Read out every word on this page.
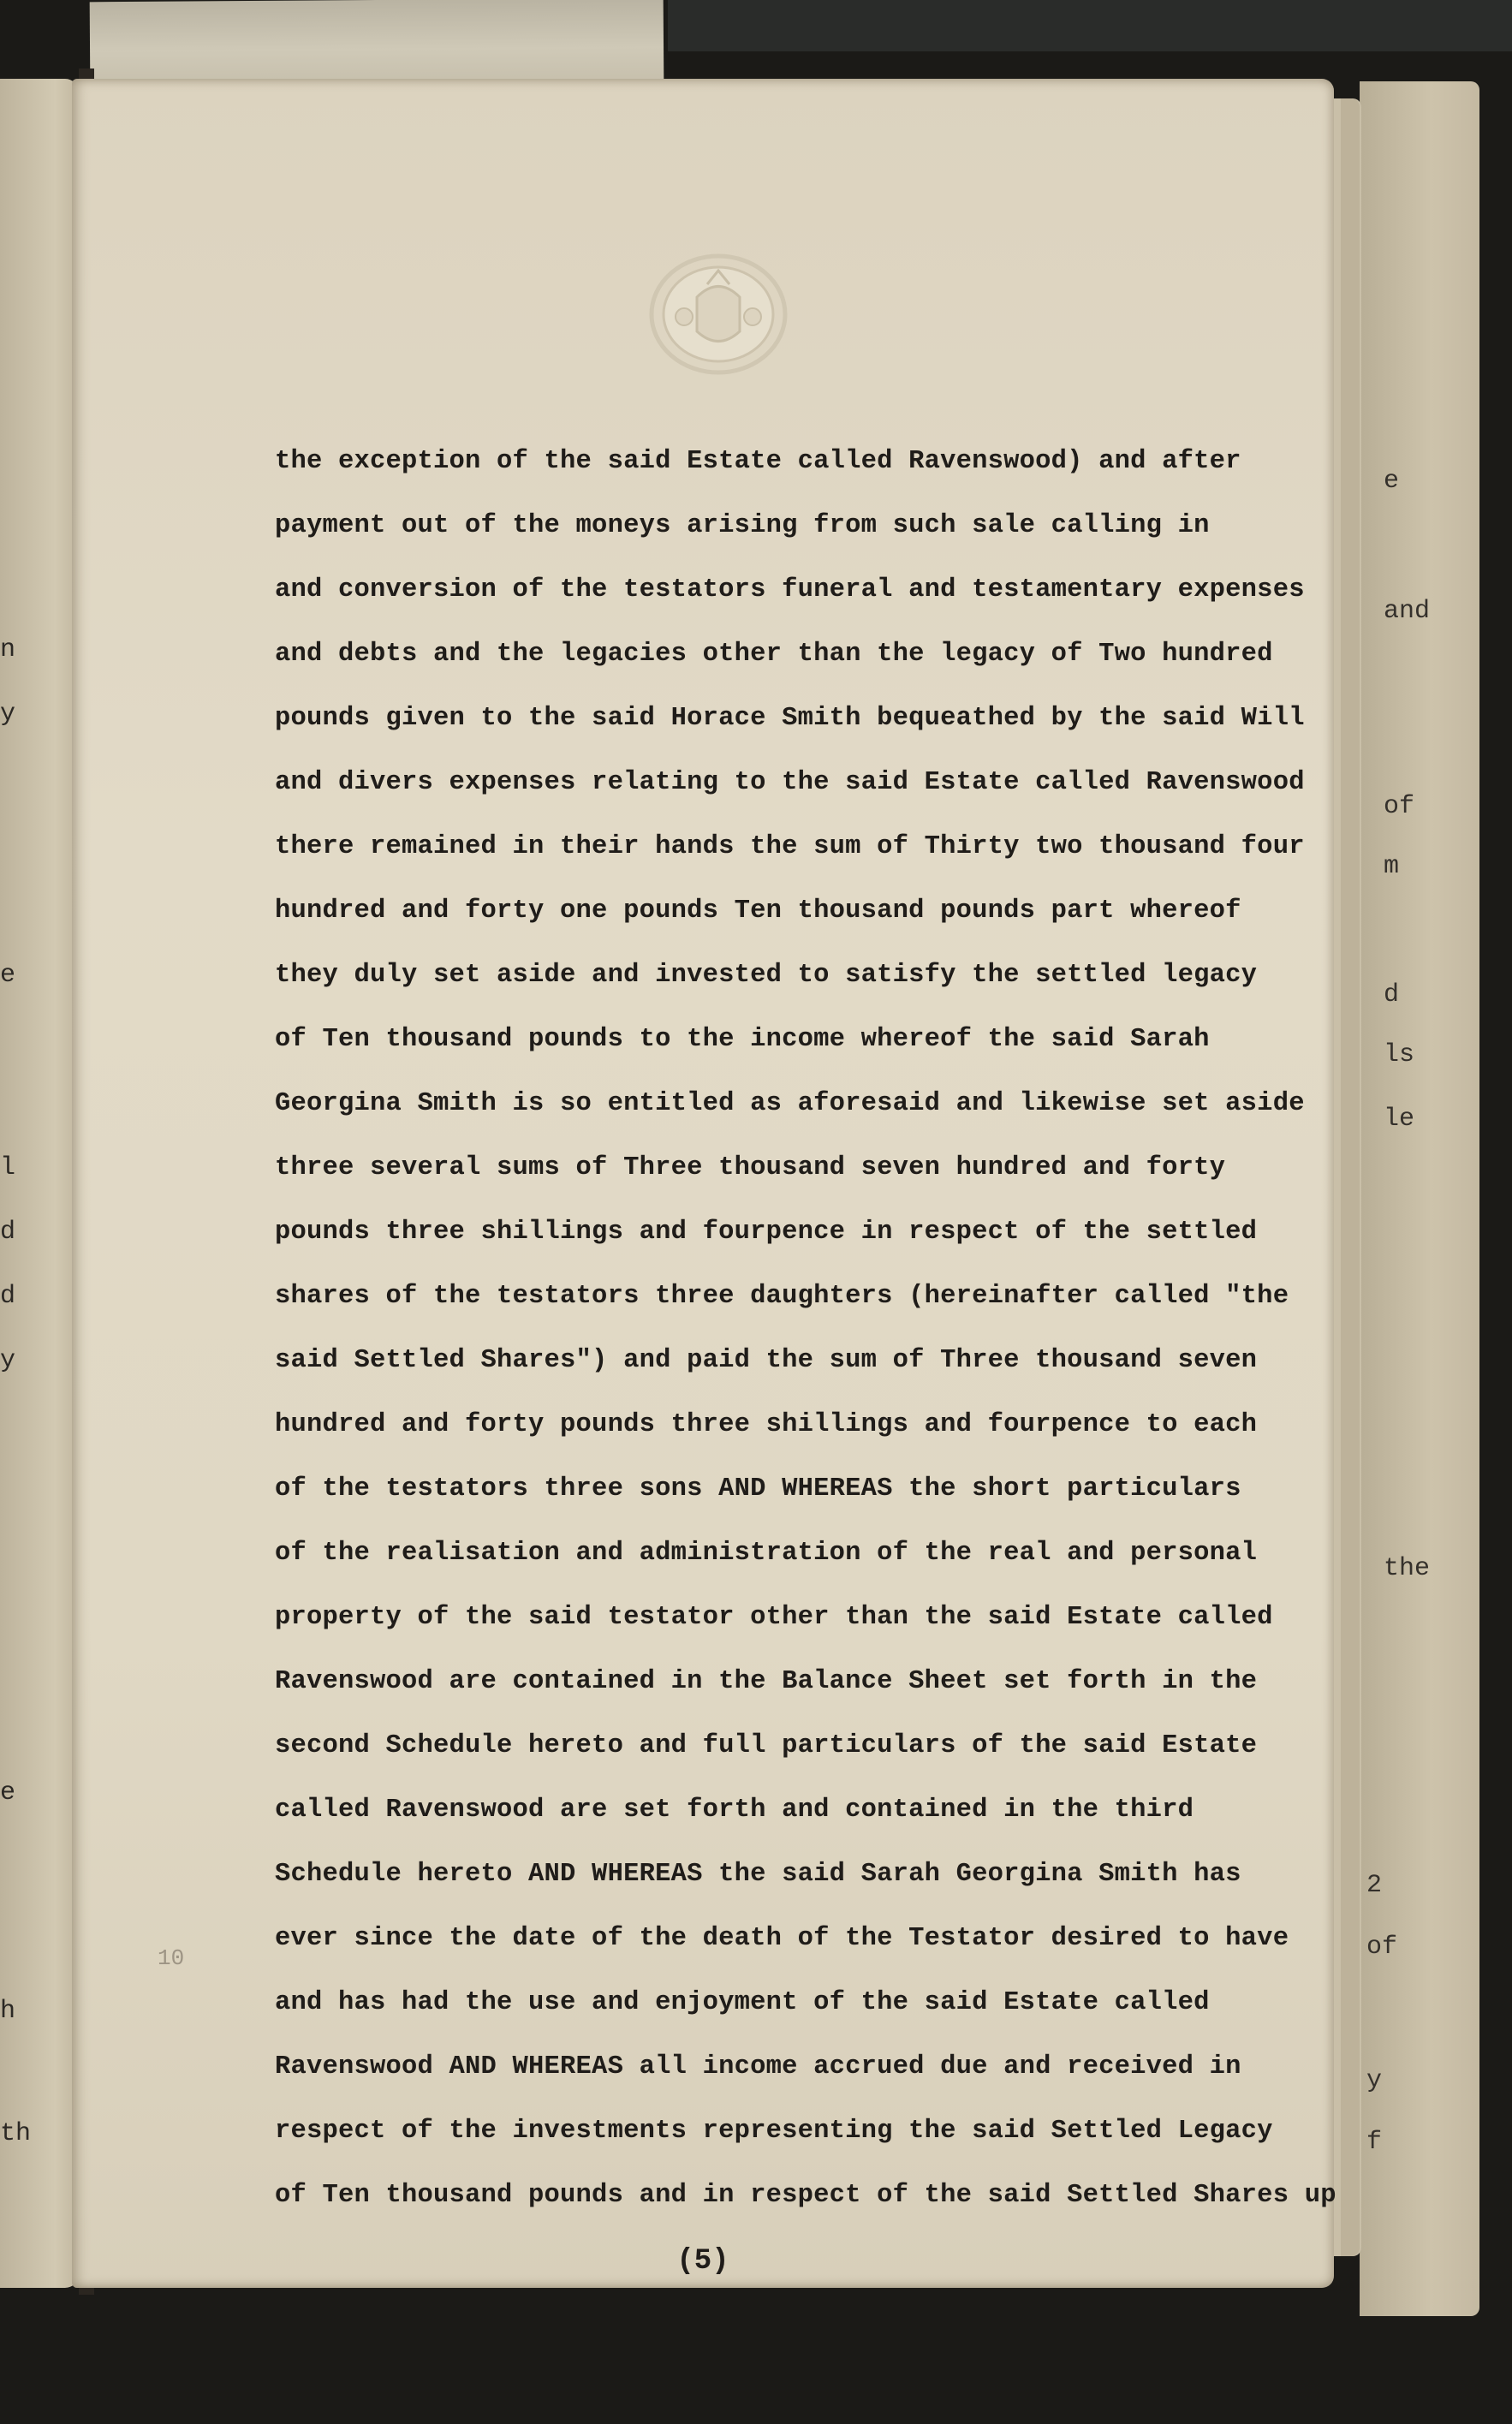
n
y
e
l
d
d
y
e
h
th
e
and
of
m
d
ls
le
the
2
of
y
f
the exception of the said Estate called Ravenswood) and after
payment out of the moneys arising from such sale calling in
and conversion of the testators funeral and testamentary expenses
and debts and the legacies other than the legacy of Two hundred
pounds given to the said Horace Smith bequeathed by the said Will
and divers expenses relating to the said Estate called Ravenswood
there remained in their hands the sum of Thirty two thousand four
hundred and forty one pounds Ten thousand pounds part whereof
they duly set aside and invested to satisfy the settled legacy
of Ten thousand pounds to the income whereof the said Sarah
Georgina Smith is so entitled as aforesaid and likewise set aside
three several sums of Three thousand seven hundred and forty
pounds three shillings and fourpence in respect of the settled
shares of the testators three daughters (hereinafter called "the
said Settled Shares") and paid the sum of Three thousand seven
hundred and forty pounds three shillings and fourpence to each
of the testators three sons AND WHEREAS the short particulars
of the realisation and administration of the real and personal
property of the said testator other than the said Estate called
Ravenswood are contained in the Balance Sheet set forth in the
second Schedule hereto and full particulars of the said Estate
called Ravenswood are set forth and contained in the third
Schedule hereto AND WHEREAS the said Sarah Georgina Smith has
ever since the date of the death of the Testator desired to have
and has had the use and enjoyment of the said Estate called
Ravenswood AND WHEREAS all income accrued due and received in
respect of the investments representing the said Settled Legacy
of Ten thousand pounds and in respect of the said Settled Shares up
10
(5)
